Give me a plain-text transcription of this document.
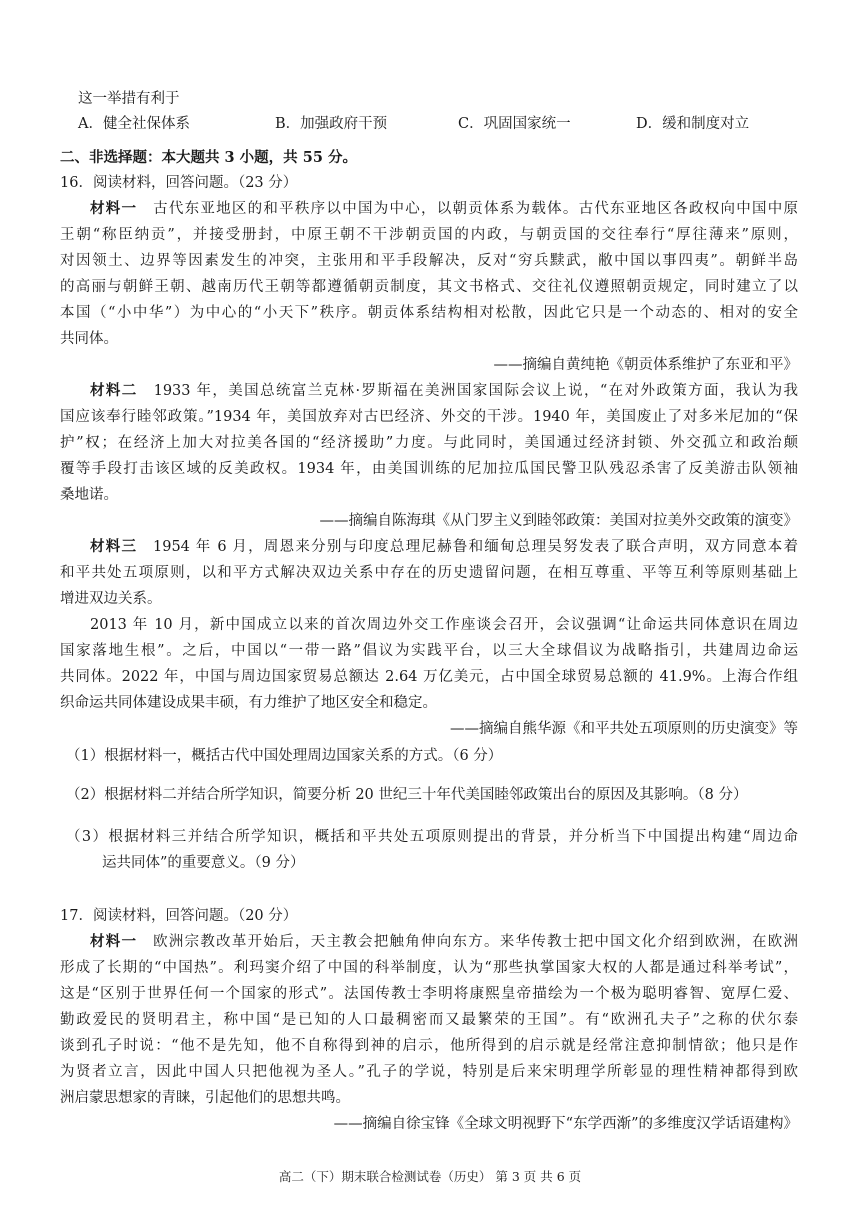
这一举措有利于
A．健全社保体系	B．加强政府干预	C．巩固国家统一	D．缓和制度对立
二、非选择题：本大题共 3 小题，共 55 分。
16．阅读材料，回答问题。（23 分）
材料一　 古代东亚地区的和平秩序以中国为中心，以朝贡体系为载体。古代东亚地区各政权向中国中原
王朝“称臣纳贡”，并接受册封，中原王朝不干涉朝贡国的内政，与朝贡国的交往奉行“厚往薄来”原则，
对因领土、边界等因素发生的冲突，主张用和平手段解决，反对“穷兵黩武，敝中国以事四夷”。朝鲜半岛
的高丽与朝鲜王朝、越南历代王朝等都遵循朝贡制度，其文书格式、交往礼仪遵照朝贡规定，同时建立了以
本国（“小中华”）为中心的“小天下”秩序。朝贡体系结构相对松散，因此它只是一个动态的、相对的安全
共同体。
——摘编自黄纯艳《朝贡体系维护了东亚和平》
材料二　 1933 年，美国总统富兰克林·罗斯福在美洲国家国际会议上说，“在对外政策方面，我认为我
国应该奉行睦邻政策。”1934 年，美国放弃对古巴经济、外交的干涉。1940 年，美国废止了对多米尼加的“保
护”权；在经济上加大对拉美各国的“经济援助”力度。与此同时，美国通过经济封锁、外交孤立和政治颠
覆等手段打击该区域的反美政权。1934 年，由美国训练的尼加拉瓜国民警卫队残忍杀害了反美游击队领袖
桑地诺。
——摘编自陈海琪《从门罗主义到睦邻政策：美国对拉美外交政策的演变》
材料三　 1954 年 6 月，周恩来分别与印度总理尼赫鲁和缅甸总理吴努发表了联合声明，双方同意本着
和平共处五项原则，以和平方式解决双边关系中存在的历史遗留问题，在相互尊重、平等互利等原则基础上
增进双边关系。
2013 年 10 月，新中国成立以来的首次周边外交工作座谈会召开，会议强调“让命运共同体意识在周边
国家落地生根”。之后，中国以“一带一路”倡议为实践平台，以三大全球倡议为战略指引，共建周边命运
共同体。2022 年，中国与周边国家贸易总额达 2.64 万亿美元，占中国全球贸易总额的 41.9%。上海合作组
织命运共同体建设成果丰硕，有力维护了地区安全和稳定。
——摘编自熊华源《和平共处五项原则的历史演变》等
（1）根据材料一，概括古代中国处理周边国家关系的方式。（6 分）
（2）根据材料二并结合所学知识，简要分析 20 世纪三十年代美国睦邻政策出台的原因及其影响。（8 分）
（3）根据材料三并结合所学知识，概括和平共处五项原则提出的背景，并分析当下中国提出构建“周边命
运共同体”的重要意义。（9 分）
17．阅读材料，回答问题。（20 分）
材料一　 欧洲宗教改革开始后，天主教会把触角伸向东方。来华传教士把中国文化介绍到欧洲，在欧洲
形成了长期的“中国热”。利玛窦介绍了中国的科举制度，认为“那些执掌国家大权的人都是通过科举考试”，
这是“区别于世界任何一个国家的形式”。法国传教士李明将康熙皇帝描绘为一个极为聪明睿智、宽厚仁爱、
勤政爱民的贤明君主，称中国“是已知的人口最稠密而又最繁荣的王国”。有“欧洲孔夫子”之称的伏尔泰
谈到孔子时说：“他不是先知，他不自称得到神的启示，他所得到的启示就是经常注意抑制情欲；他只是作
为贤者立言，因此中国人只把他视为圣人。”孔子的学说，特别是后来宋明理学所彰显的理性精神都得到欧
洲启蒙思想家的青睐，引起他们的思想共鸣。
——摘编自徐宝锋《全球文明视野下“东学西渐”的多维度汉学话语建构》
高二（下）期末联合检测试卷（历史） 第 3 页 共 6 页
